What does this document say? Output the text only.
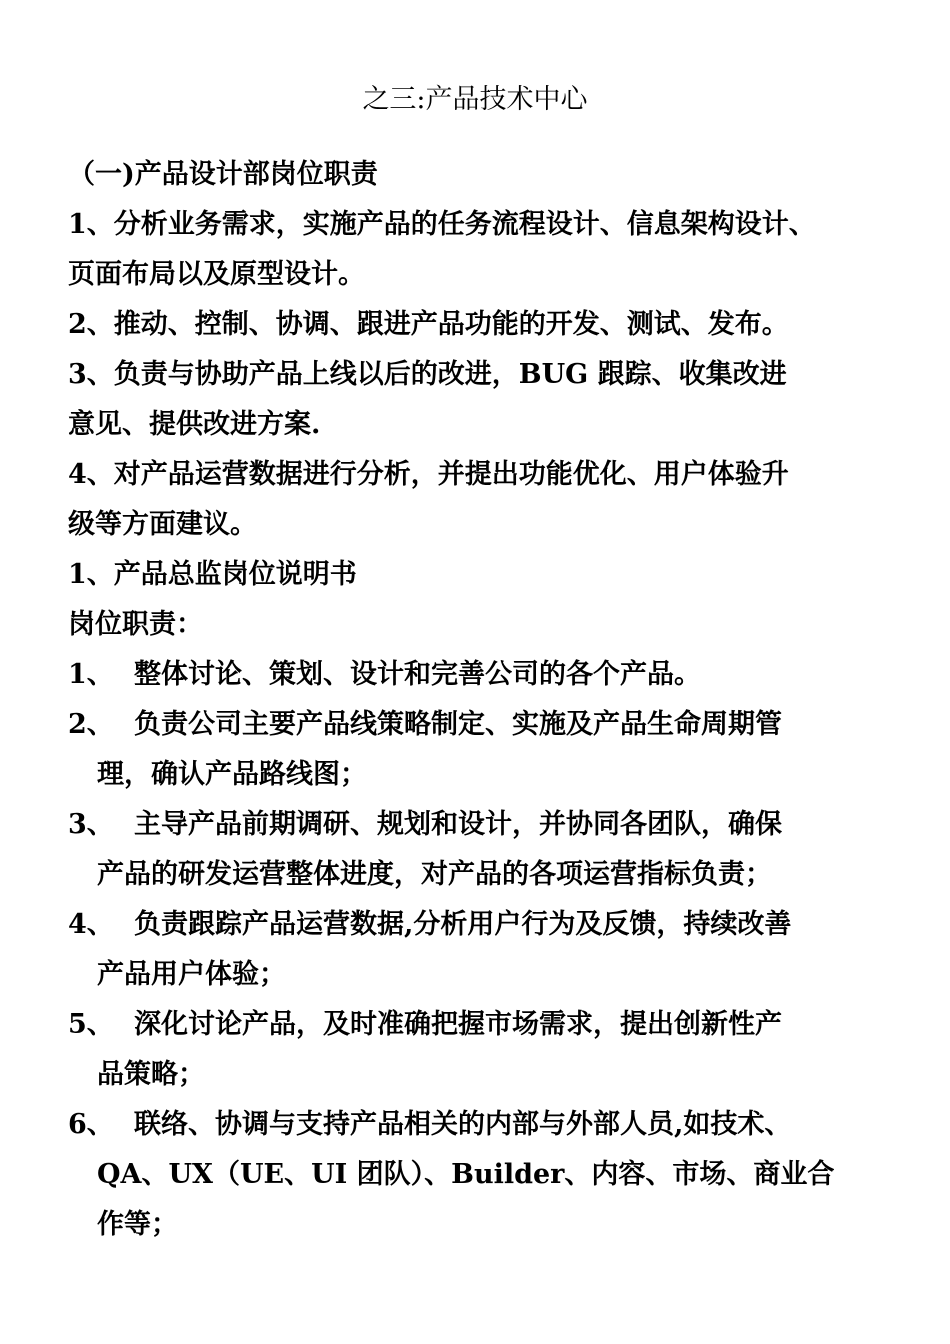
之三:产品技术中心
（一)产品设计部岗位职责
1、分析业务需求，实施产品的任务流程设计、信息架构设计、
页面布局以及原型设计。
2、推动、控制、协调、跟进产品功能的开发、测试、发布。
3、负责与协助产品上线以后的改进，BUG 跟踪、收集改进
意见、提供改进方案.
4、对产品运营数据进行分析，并提出功能优化、用户体验升
级等方面建议。
1、产品总监岗位说明书
岗位职责：
1、 整体讨论、策划、设计和完善公司的各个产品。
2、 负责公司主要产品线策略制定、实施及产品生命周期管
理，确认产品路线图；
3、 主导产品前期调研、规划和设计，并协同各团队，确保
产品的研发运营整体进度，对产品的各项运营指标负责；
4、 负责跟踪产品运营数据,分析用户行为及反馈，持续改善
产品用户体验；
5、 深化讨论产品，及时准确把握市场需求，提出创新性产
品策略；
6、 联络、协调与支持产品相关的内部与外部人员,如技术、
QA、UX（UE、UI 团队）、Builder、内容、市场、商业合
作等；
